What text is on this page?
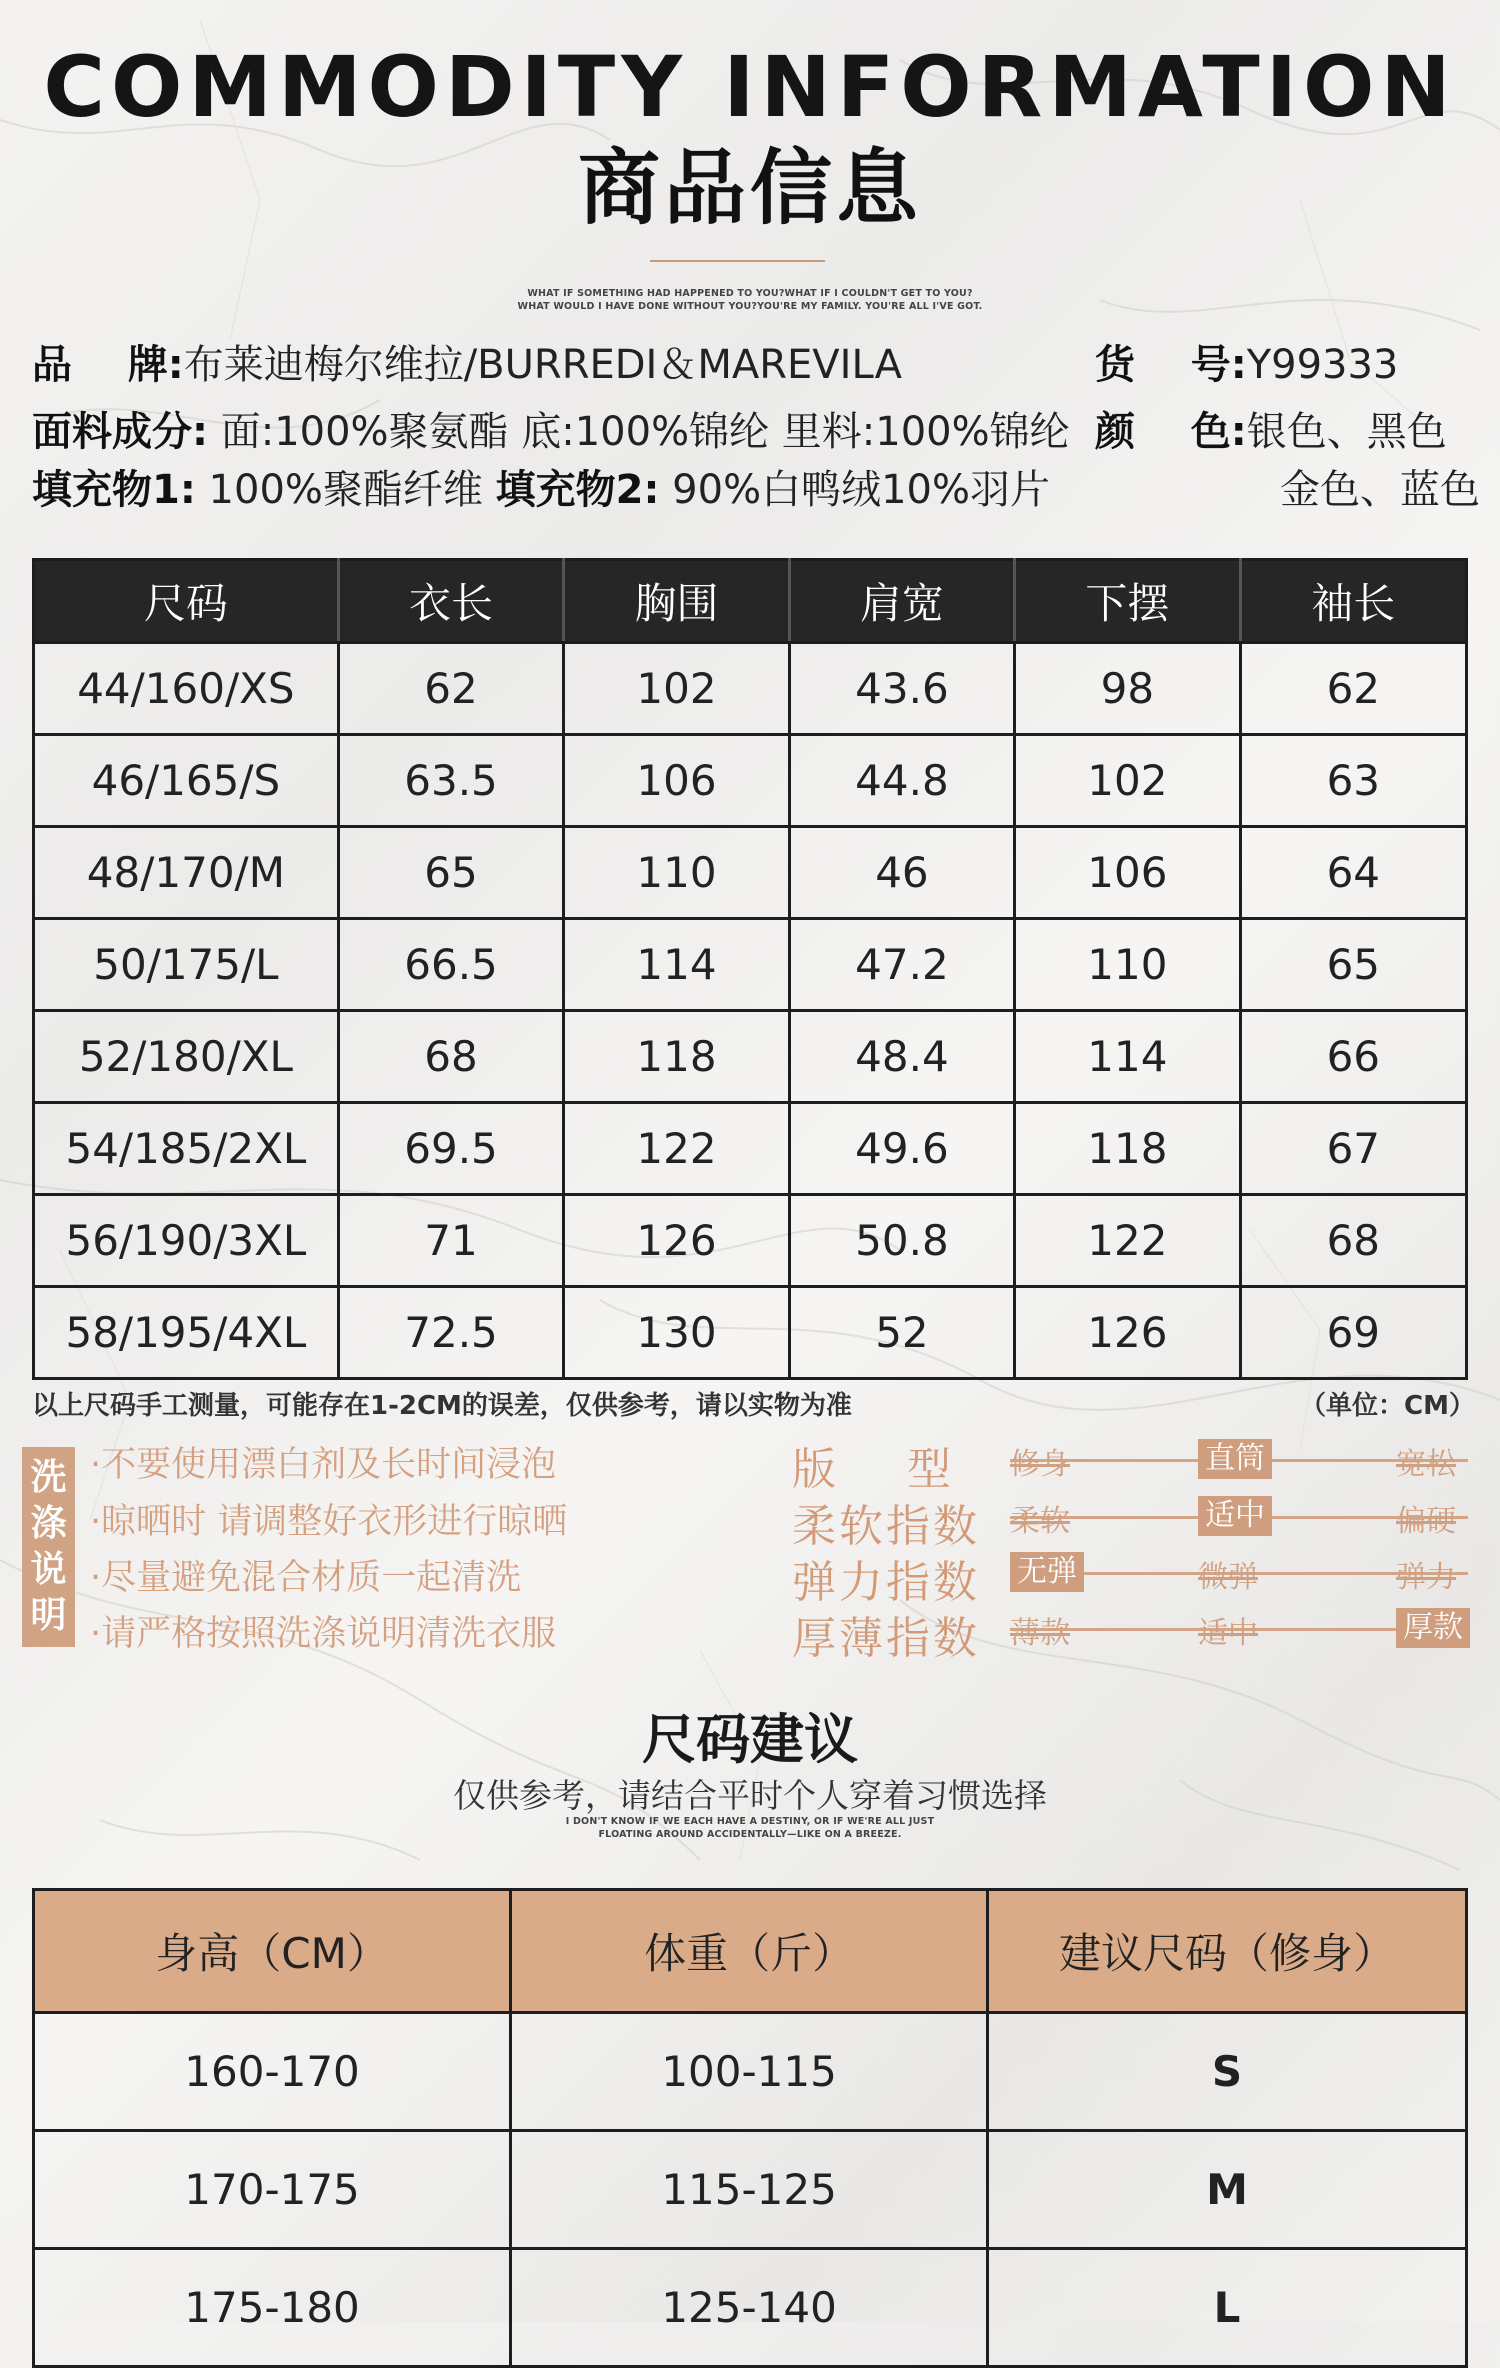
COMMODITY INFORMATION
商品信息
WHAT IF SOMETHING HAD HAPPENED TO YOU?WHAT IF I COULDN'T GET TO YOU?
WHAT WOULD I HAVE DONE WITHOUT YOU?YOU'RE MY FAMILY. YOU'RE ALL I'VE GOT.
品    牌:布莱迪梅尔维拉/BURREDI＆MAREVILA	货    号:Y99333
面料成分: 面:100%聚氨酯 底:100%锦纶 里料:100%锦纶 颜    色:银色、黑色
金色、蓝色
填充物1: 100%聚酯纤维 填充物2: 90%白鸭绒10%羽片
尺码	衣长	胸围	肩宽	下摆	袖长
44/160/XS	62	102	43.6	98	62
46/165/S	63.5	106	44.8	102	63
48/170/M	65	110	46	106	64
50/175/L	66.5	114	47.2	110	65
52/180/XL	68	118	48.4	114	66
54/185/2XL	69.5	122	49.6	118	67
56/190/3XL	71	126	50.8	122	68
58/195/4XL	72.5	130	52	126	69
以上尺码手工测量，可能存在1-2CM的误差，仅供参考，请以实物为准	（单位：CM）
洗
涤
说
明
·不要使用漂白剂及长时间浸泡
·晾晒时 请调整好衣形进行晾晒
·尽量避免混合材质一起清洗
·请严格按照洗涤说明清洗衣服
版    型 修身	直筒	宽松
柔软指数 柔软	适中	偏硬
弹力指数 无弹	微弹	弹力
厚薄指数 薄款	适中	厚款
尺码建议
仅供参考，请结合平时个人穿着习惯选择
I DON'T KNOW IF WE EACH HAVE A DESTINY, OR IF WE'RE ALL JUST
FLOATING AROUND ACCIDENTALLY—LIKE ON A BREEZE.
身高（CM）	体重（斤）	建议尺码（修身）
160-170	100-115	S
170-175	115-125	M
175-180	125-140	L
